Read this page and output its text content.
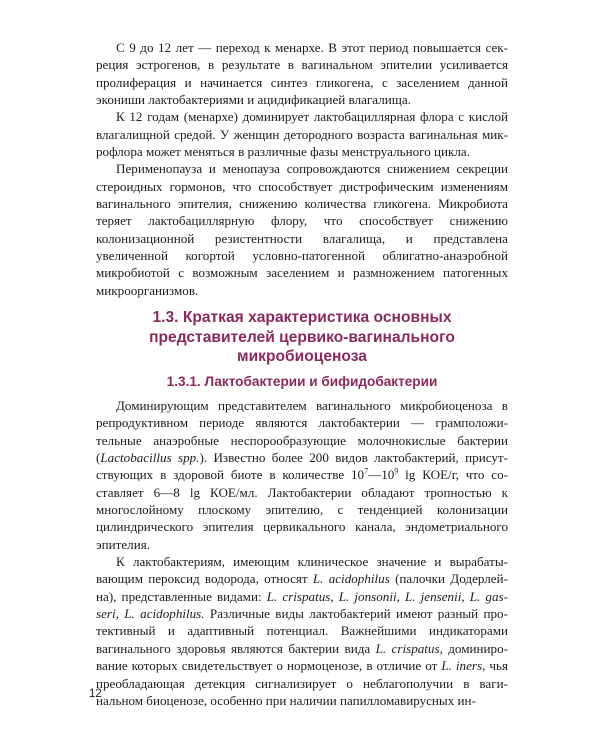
С 9 до 12 лет — переход к менархе. В этот период повышается секреция эстрогенов, в результате в вагинальном эпителии усиливается пролиферация и начинается синтез гликогена, с заселением данной экониши лактобактериями и ацидификацией влагалища.

К 12 годам (менархе) доминирует лактобациллярная флора с кислой влагалищной средой. У женщин детородного возраста вагинальная микрофлора может меняться в различные фазы менструального цикла.

Перименопауза и менопауза сопровождаются снижением секреции стероидных гормонов, что способствует дистрофическим изменениям вагинального эпителия, снижению количества гликогена. Микробиота теряет лактобациллярную флору, что способствует снижению колонизационной резистентности влагалища, и представлена увеличенной когортой условно-патогенной облигатно-анаэробной микробиотой с возможным заселением и размножением патогенных микроорганизмов.

1.3. Краткая характеристика основных представителей цервико-вагинального микробиоценоза
1.3.1. Лактобактерии и бифидобактерии

Доминирующим представителем вагинального микробиоценоза в репродуктивном периоде являются лактобактерии — грамположительные анаэробные неспорообразующие молочнокислые бактерии (Lactobacillus spp.). Известно более 200 видов лактобактерий, присутствующих в здоровой биоте в количестве $10^7—10^9$ lg КОЕ/г, что составляет 6—8 lg КОЕ/мл. Лактобактерии обладают тропностью к многослойному плоскому эпителию, с тенденцией колонизации цилиндрического эпителия цервикального канала, эндометриального эпителия.

К лактобактериям, имеющим клиническое значение и вырабатывающим пероксид водорода, относят L. acidophilus (палочки Додерлейна), представленные видами: L. crispatus, L. jonsonii, L. jensenii, L. gasseri, L. acidophilus. Различные виды лактобактерий имеют разный протективный и адаптивный потенциал. Важнейшими индикаторами вагинального здоровья являются бактерии вида L. crispatus, доминирование которых свидетельствует о нормоценозе, в отличие от L. iners, чья преобладающая детекция сигнализирует о неблагополучии в вагинальном биоценозе, особенно при наличии папилломавирусных ин-

12
